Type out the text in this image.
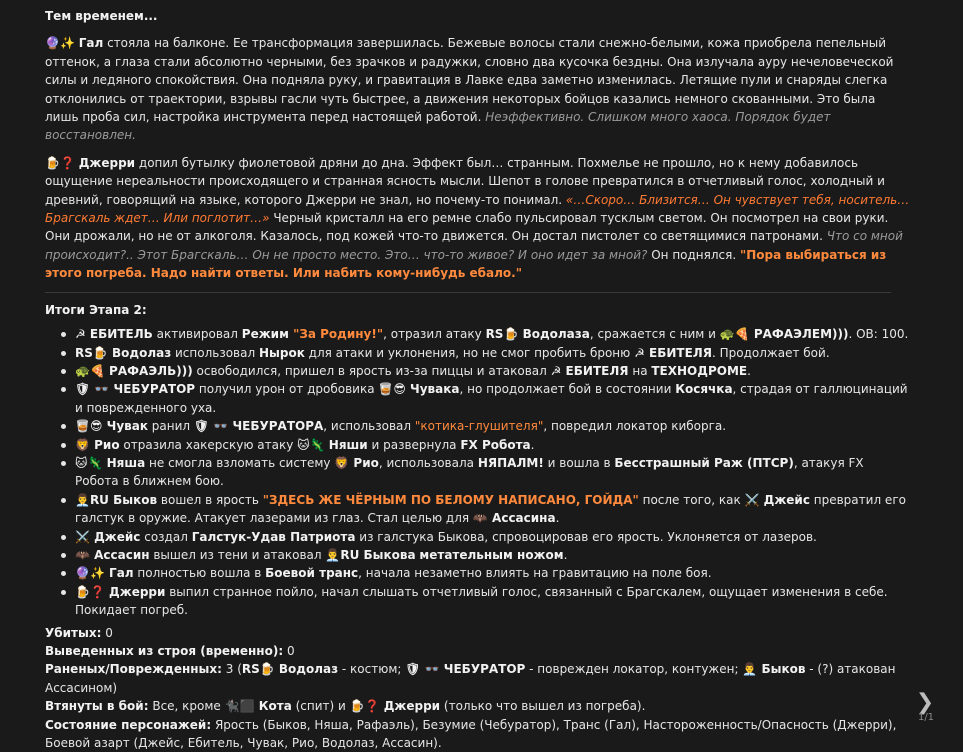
Тем временем...

🔮✨ Гал стояла на балконе. Ее трансформация завершилась. Бежевые волосы стали снежно-белыми, кожа приобрела пепельный оттенок, а глаза стали абсолютно черными, без зрачков и радужки, словно два кусочка бездны. Она излучала ауру нечеловеческой силы и ледяного спокойствия. Она подняла руку, и гравитация в Лавке едва заметно изменилась. Летящие пули и снаряды слегка отклонились от траектории, взрывы гасли чуть быстрее, а движения некоторых бойцов казались немного скованными. Это была лишь проба сил, настройка инструмента перед настоящей работой. Неэффективно. Слишком много хаоса. Порядок будет восстановлен.

🍺❓ Джерри допил бутылку фиолетовой дряни до дна. Эффект был… странным. Похмелье не прошло, но к нему добавилось ощущение нереальности происходящего и странная ясность мысли. Шепот в голове превратился в отчетливый голос, холодный и древний, говорящий на языке, которого Джерри не знал, но почему-то понимал. «…Скоро… Близится… Он чувствует тебя, носитель… Брагскаль ждет… Или поглотит…» Черный кристалл на его ремне слабо пульсировал тусклым светом. Он посмотрел на свои руки. Они дрожали, но не от алкоголя. Казалось, под кожей что-то движется. Он достал пистолет со светящимися патронами. Что со мной происходит?.. Этот Брагскаль… Он не просто место. Это… что-то живое? И оно идет за мной? Он поднялся. "Пора выбираться из этого погреба. Надо найти ответы. Или набить кому-нибудь ебало."

Итоги Этапа 2:
☭ ЕБИТЕЛЬ активировал Режим "За Родину!", отразил атаку RS🍺 Водолаза, сражается с ним и 🐢🍕 РАФАЭЛЕМ))). ОВ: 100.
RS🍺 Водолаз использовал Нырок для атаки и уклонения, но не смог пробить броню ☭ ЕБИТЕЛЯ. Продолжает бой.
🐢🍕 РАФАЭЛЬ))) освободился, пришел в ярость из-за пиццы и атаковал ☭ ЕБИТЕЛЯ на ТЕХНОДРОМЕ.
🛡 👓 ЧЕБУРАТОР получил урон от дробовика 🥃😎 Чувака, но продолжает бой в состоянии Косячка, страдая от галлюцинаций и поврежденного уха.
🥃😎 Чувак ранил 🛡 👓 ЧЕБУРАТОРА, использовал "котика-глушителя", повредил локатор киборга.
🦁 Рио отразила хакерскую атаку 🐱🦎 Няши и развернула FX Робота.
🐱🦎 Няша не смогла взломать систему 🦁 Рио, использовала НЯПАЛМ! и вошла в Бесстрашный Раж (ПТСР), атакуя FX Робота в ближнем бою.
👨‍💼RU Быков вошел в ярость "ЗДЕСЬ ЖЕ ЧЁРНЫМ ПО БЕЛОМУ НАПИСАНО, ГОЙДА" после того, как ⚔️ Джейс превратил его галстук в оружие. Атакует лазерами из глаз. Стал целью для 🦇 Ассасина.
⚔️ Джейс создал Галстук-Удав Патриота из галстука Быкова, спровоцировав его ярость. Уклоняется от лазеров.
🦇 Ассасин вышел из тени и атаковал 👨‍💼RU Быкова метательным ножом.
🔮✨ Гал полностью вошла в Боевой транс, начала незаметно влиять на гравитацию на поле боя.
🍺❓ Джерри выпил странное пойло, начал слышать отчетливый голос, связанный с Брагскалем, ощущает изменения в себе. Покидает погреб.
Убитых: 0
Выведенных из строя (временно): 0
Раненых/Поврежденных: 3 (RS🍺 Водолаз - костюм; 🛡 👓 ЧЕБУРАТОР - поврежден локатор, контужен; 👨‍💼 Быков - (?) атакован Ассасином)
Втянуты в бой: Все, кроме 🐈‍⬛⬛ Кота (спит) и 🍺❓ Джерри (только что вышел из погреба).
Состояние персонажей: Ярость (Быков, Няша, Рафаэль), Безумие (Чебуратор), Транс (Гал), Настороженность/Опасность (Джерри), Боевой азарт (Джейс, Ебитель, Чувак, Рио, Водолаз, Ассасин).
❯
1/1
